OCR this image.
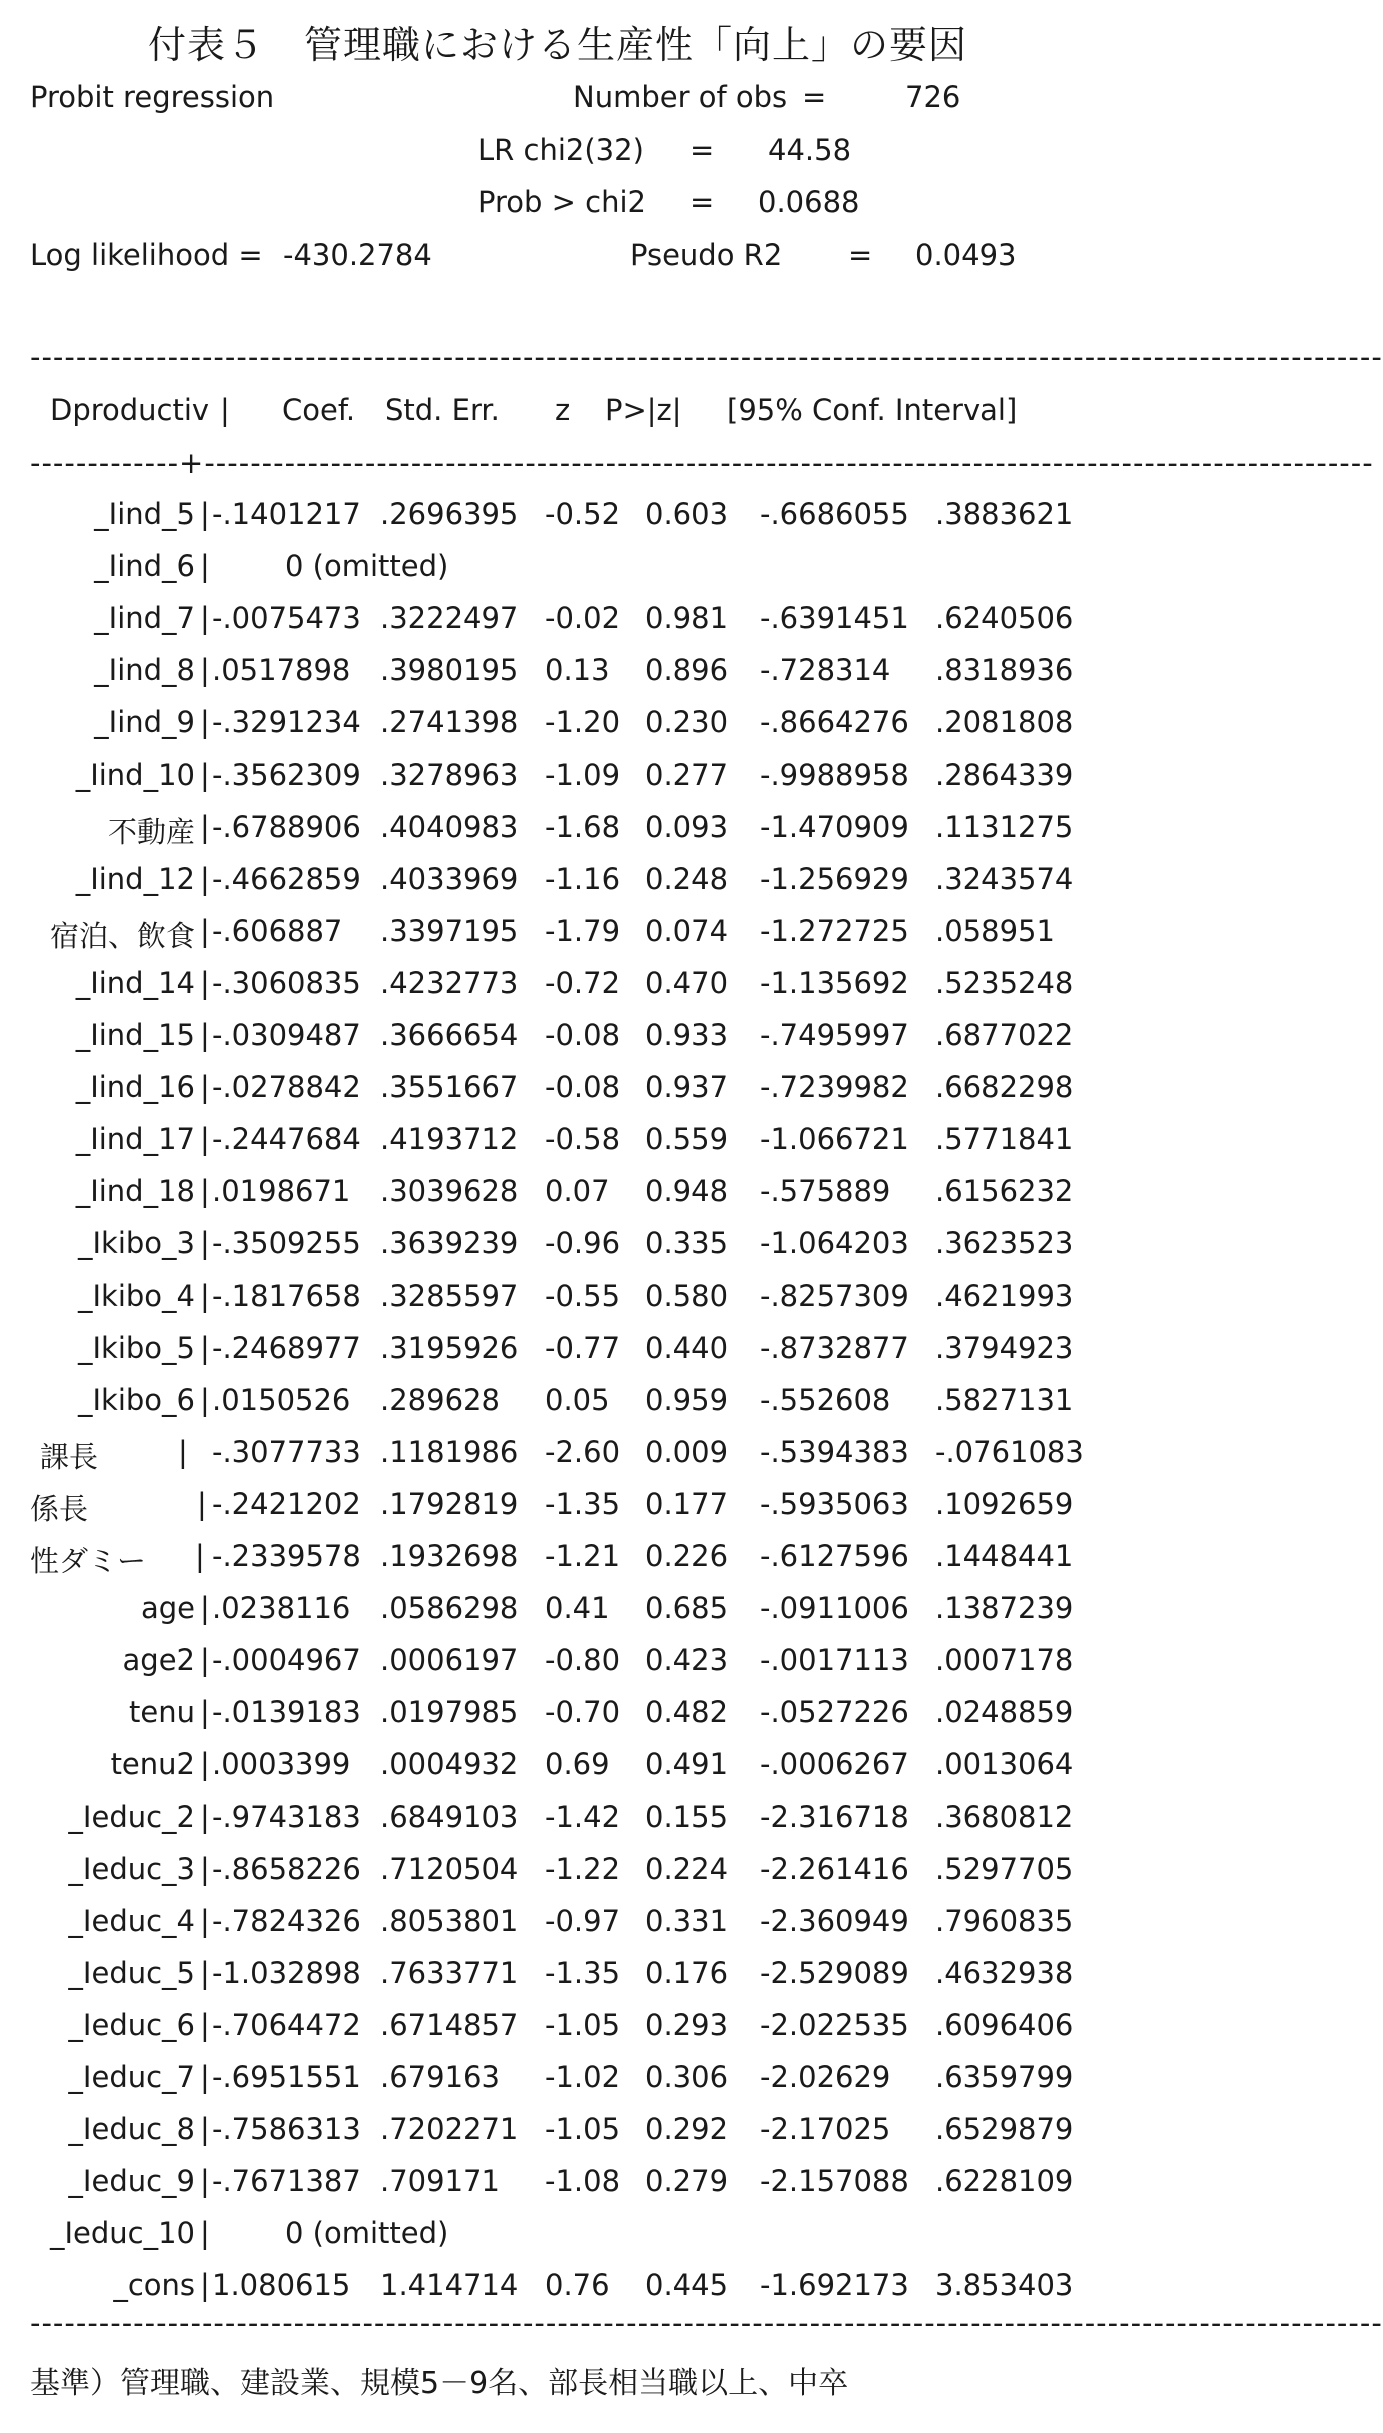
付表５　管理職における生産性「向上」の要因
Probit regression	Number of obs =	726
LR chi2(32) = 44.58
Prob > chi2 = 0.0688
Log likelihood = -430.2784	Pseudo R2 = 0.0493
----------------------------------------------------------------------------------------------------------------------
Dproductiv | Coef. Std. Err. z P>|z| [95% Conf. Interval]
-------------+------------------------------------------------------------------------------------------------------
_Iind_5 | -.1401217 .2696395 -0.52 0.603 -.6686055 .3883621
_Iind_6 |	0 (omitted)
_Iind_7 | -.0075473 .3222497 -0.02 0.981 -.6391451 .6240506
_Iind_8 | .0517898 .3980195 0.13 0.896 -.728314 .8318936
_Iind_9 | -.3291234 .2741398 -1.20 0.230 -.8664276 .2081808
_Iind_10 | -.3562309 .3278963 -1.09 0.277 -.9988958 .2864339
不動産 | -.6788906 .4040983 -1.68 0.093 -1.470909 .1131275
_Iind_12 | -.4662859 .4033969 -1.16 0.248 -1.256929 .3243574
宿泊、飲食 | -.606887 .3397195 -1.79 0.074 -1.272725 .058951
_Iind_14 | -.3060835 .4232773 -0.72 0.470 -1.135692 .5235248
_Iind_15 | -.0309487 .3666654 -0.08 0.933 -.7495997 .6877022
_Iind_16 | -.0278842 .3551667 -0.08 0.937 -.7239982 .6682298
_Iind_17 | -.2447684 .4193712 -0.58 0.559 -1.066721 .5771841
_Iind_18 | .0198671 .3039628 0.07 0.948 -.575889 .6156232
_Ikibo_3 | -.3509255 .3639239 -0.96 0.335 -1.064203 .3623523
_Ikibo_4 | -.1817658 .3285597 -0.55 0.580 -.8257309 .4621993
_Ikibo_5 | -.2468977 .3195926 -0.77 0.440 -.8732877 .3794923
_Ikibo_6 | .0150526 .289628 0.05 0.959 -.552608 .5827131
課長	| -.3077733 .1181986 -2.60 0.009 -.5394383 -.0761083
係長	| -.2421202 .1792819 -1.35 0.177 -.5935063 .1092659
性ダミー | -.2339578 .1932698 -1.21 0.226 -.6127596 .1448441
age | .0238116 .0586298 0.41 0.685 -.0911006 .1387239
age2 | -.0004967 .0006197 -0.80 0.423 -.0017113 .0007178
tenu | -.0139183 .0197985 -0.70 0.482 -.0527226 .0248859
tenu2 | .0003399 .0004932 0.69 0.491 -.0006267 .0013064
_Ieduc_2 | -.9743183 .6849103 -1.42 0.155 -2.316718 .3680812
_Ieduc_3 | -.8658226 .7120504 -1.22 0.224 -2.261416 .5297705
_Ieduc_4 | -.7824326 .8053801 -0.97 0.331 -2.360949 .7960835
_Ieduc_5 | -1.032898 .7633771 -1.35 0.176 -2.529089 .4632938
_Ieduc_6 | -.7064472 .6714857 -1.05 0.293 -2.022535 .6096406
_Ieduc_7 | -.6951551 .679163 -1.02 0.306 -2.02629 .6359799
_Ieduc_8 | -.7586313 .7202271 -1.05 0.292 -2.17025 .6529879
_Ieduc_9 | -.7671387 .709171 -1.08 0.279 -2.157088 .6228109
_Ieduc_10 |	0 (omitted)
_cons | 1.080615 1.414714 0.76 0.445 -1.692173 3.853403
----------------------------------------------------------------------------------------------------------------------
基準）管理職、建設業、規模5－9名、部長相当職以上、中卒
